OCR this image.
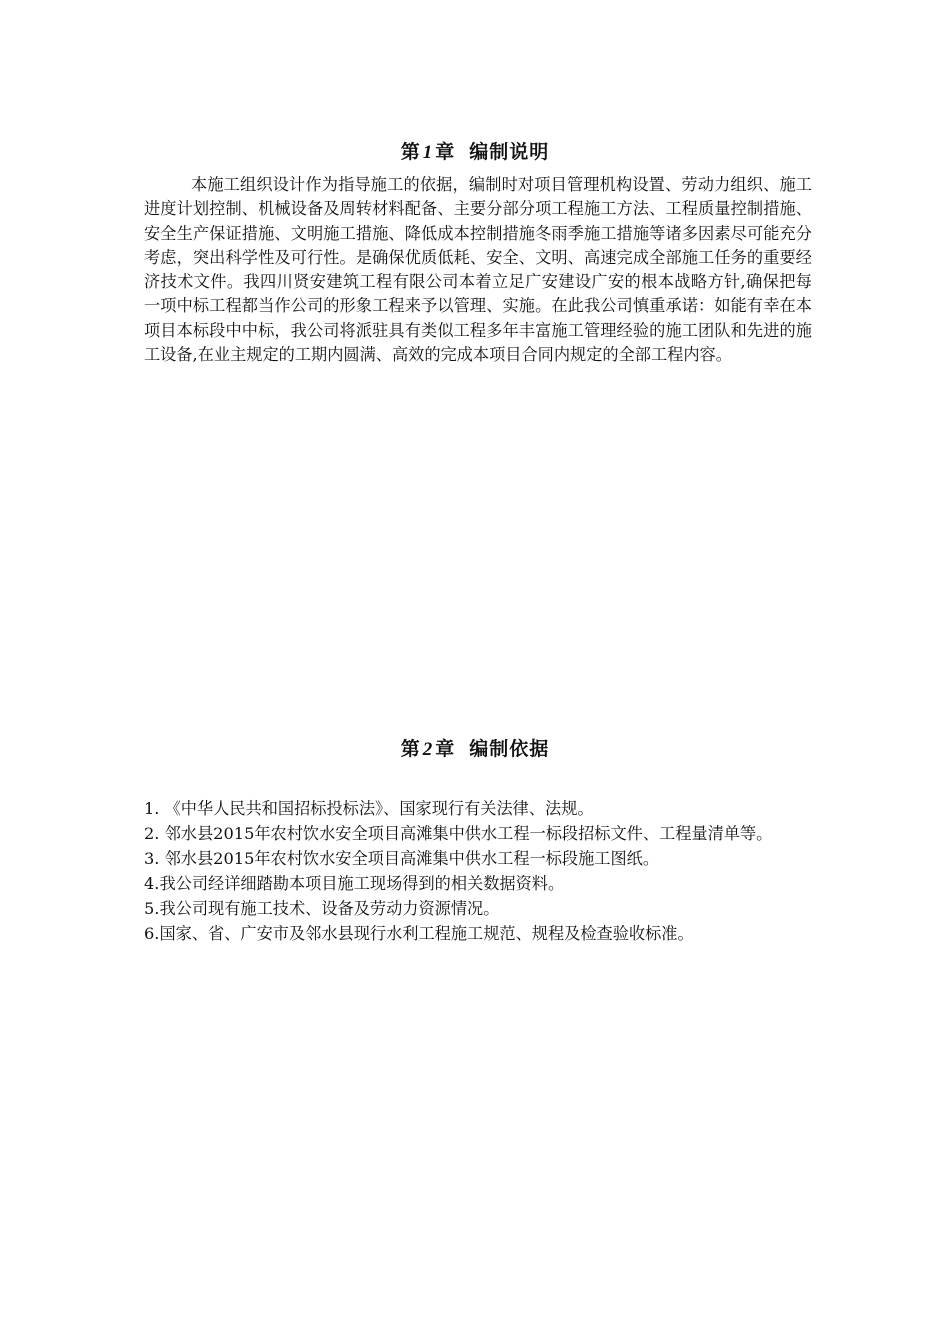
第 1 章 编制说明

本施工组织设计作为指导施工的依据，编制时对项目管理机构设置、劳动力组织、施工进度计划控制、机械设备及周转材料配备、主要分部分项工程施工方法、工程质量控制措施、安全生产保证措施、文明施工措施、降低成本控制措施冬雨季施工措施等诸多因素尽可能充分考虑，突出科学性及可行性。是确保优质低耗、安全、文明、高速完成全部施工任务的重要经济技术文件。我四川贤安建筑工程有限公司本着立足广安建设广安的根本战略方针,确保把每一项中标工程都当作公司的形象工程来予以管理、实施。在此我公司慎重承诺：如能有幸在本项目本标段中中标，我公司将派驻具有类似工程多年丰富施工管理经验的施工团队和先进的施工设备,在业主规定的工期内圆满、高效的完成本项目合同内规定的全部工程内容。

第 2 章 编制依据
1. 《中华人民共和国招标投标法》、国家现行有关法律、法规。
2. 邻水县2015年农村饮水安全项目高滩集中供水工程一标段招标文件、工程量清单等。
3. 邻水县2015年农村饮水安全项目高滩集中供水工程一标段施工图纸。
4.我公司经详细踏勘本项目施工现场得到的相关数据资料。
5.我公司现有施工技术、设备及劳动力资源情况。
6.国家、省、广安市及邻水县现行水利工程施工规范、规程及检查验收标准。
